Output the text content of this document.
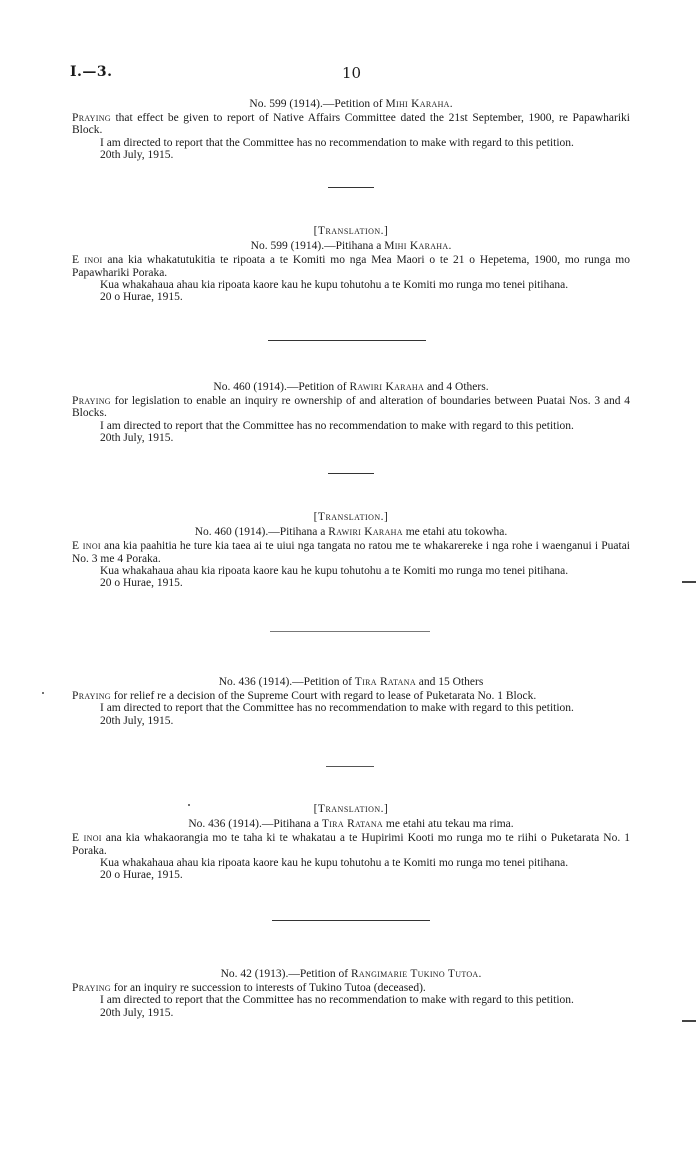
I.—3.	10

No. 599 (1914).—Petition of Mihi Karaha.

Praying that effect be given to report of Native Affairs Committee dated the 21st September, 1900, re Papawhariki Block.

I am directed to report that the Committee has no recommendation to make with regard to this petition.

20th July, 1915.

[Translation.]

No. 599 (1914).—Pitihana a Mihi Karaha.

E inoi ana kia whakatutukitia te ripoata a te Komiti mo nga Mea Maori o te 21 o Hepetema, 1900, mo runga mo Papawhariki Poraka.

Kua whakahaua ahau kia ripoata kaore kau he kupu tohutohu a te Komiti mo runga mo tenei pitihana.

20 o Hurae, 1915.

No. 460 (1914).—Petition of Rawiri Karaha and 4 Others.

Praying for legislation to enable an inquiry re ownership of and alteration of boundaries between Puatai Nos. 3 and 4 Blocks.

I am directed to report that the Committee has no recommendation to make with regard to this petition.

20th July, 1915.

[Translation.]

No. 460 (1914).—Pitihana a Rawiri Karaha me etahi atu tokowha.

E inoi ana kia paahitia he ture kia taea ai te uiui nga tangata no ratou me te whakarereke i nga rohe i waenganui i Puatai No. 3 me 4 Poraka.

Kua whakahaua ahau kia ripoata kaore kau he kupu tohutohu a te Komiti mo runga mo tenei pitihana.

20 o Hurae, 1915.

No. 436 (1914).—Petition of Tira Ratana and 15 Others

Praying for relief re a decision of the Supreme Court with regard to lease of Puketarata No. 1 Block.

I am directed to report that the Committee has no recommendation to make with regard to this petition.

20th July, 1915.

[Translation.]

No. 436 (1914).—Pitihana a Tira Ratana me etahi atu tekau ma rima.

E inoi ana kia whakaorangia mo te taha ki te whakatau a te Hupirimi Kooti mo runga mo te riihi o Puketarata No. 1 Poraka.

Kua whakahaua ahau kia ripoata kaore kau he kupu tohutohu a te Komiti mo runga mo tenei pitihana.

20 o Hurae, 1915.

No. 42 (1913).—Petition of Rangimarie Tukino Tutoa.

Praying for an inquiry re succession to interests of Tukino Tutoa (deceased).

I am directed to report that the Committee has no recommendation to make with regard to this petition.

20th July, 1915.
